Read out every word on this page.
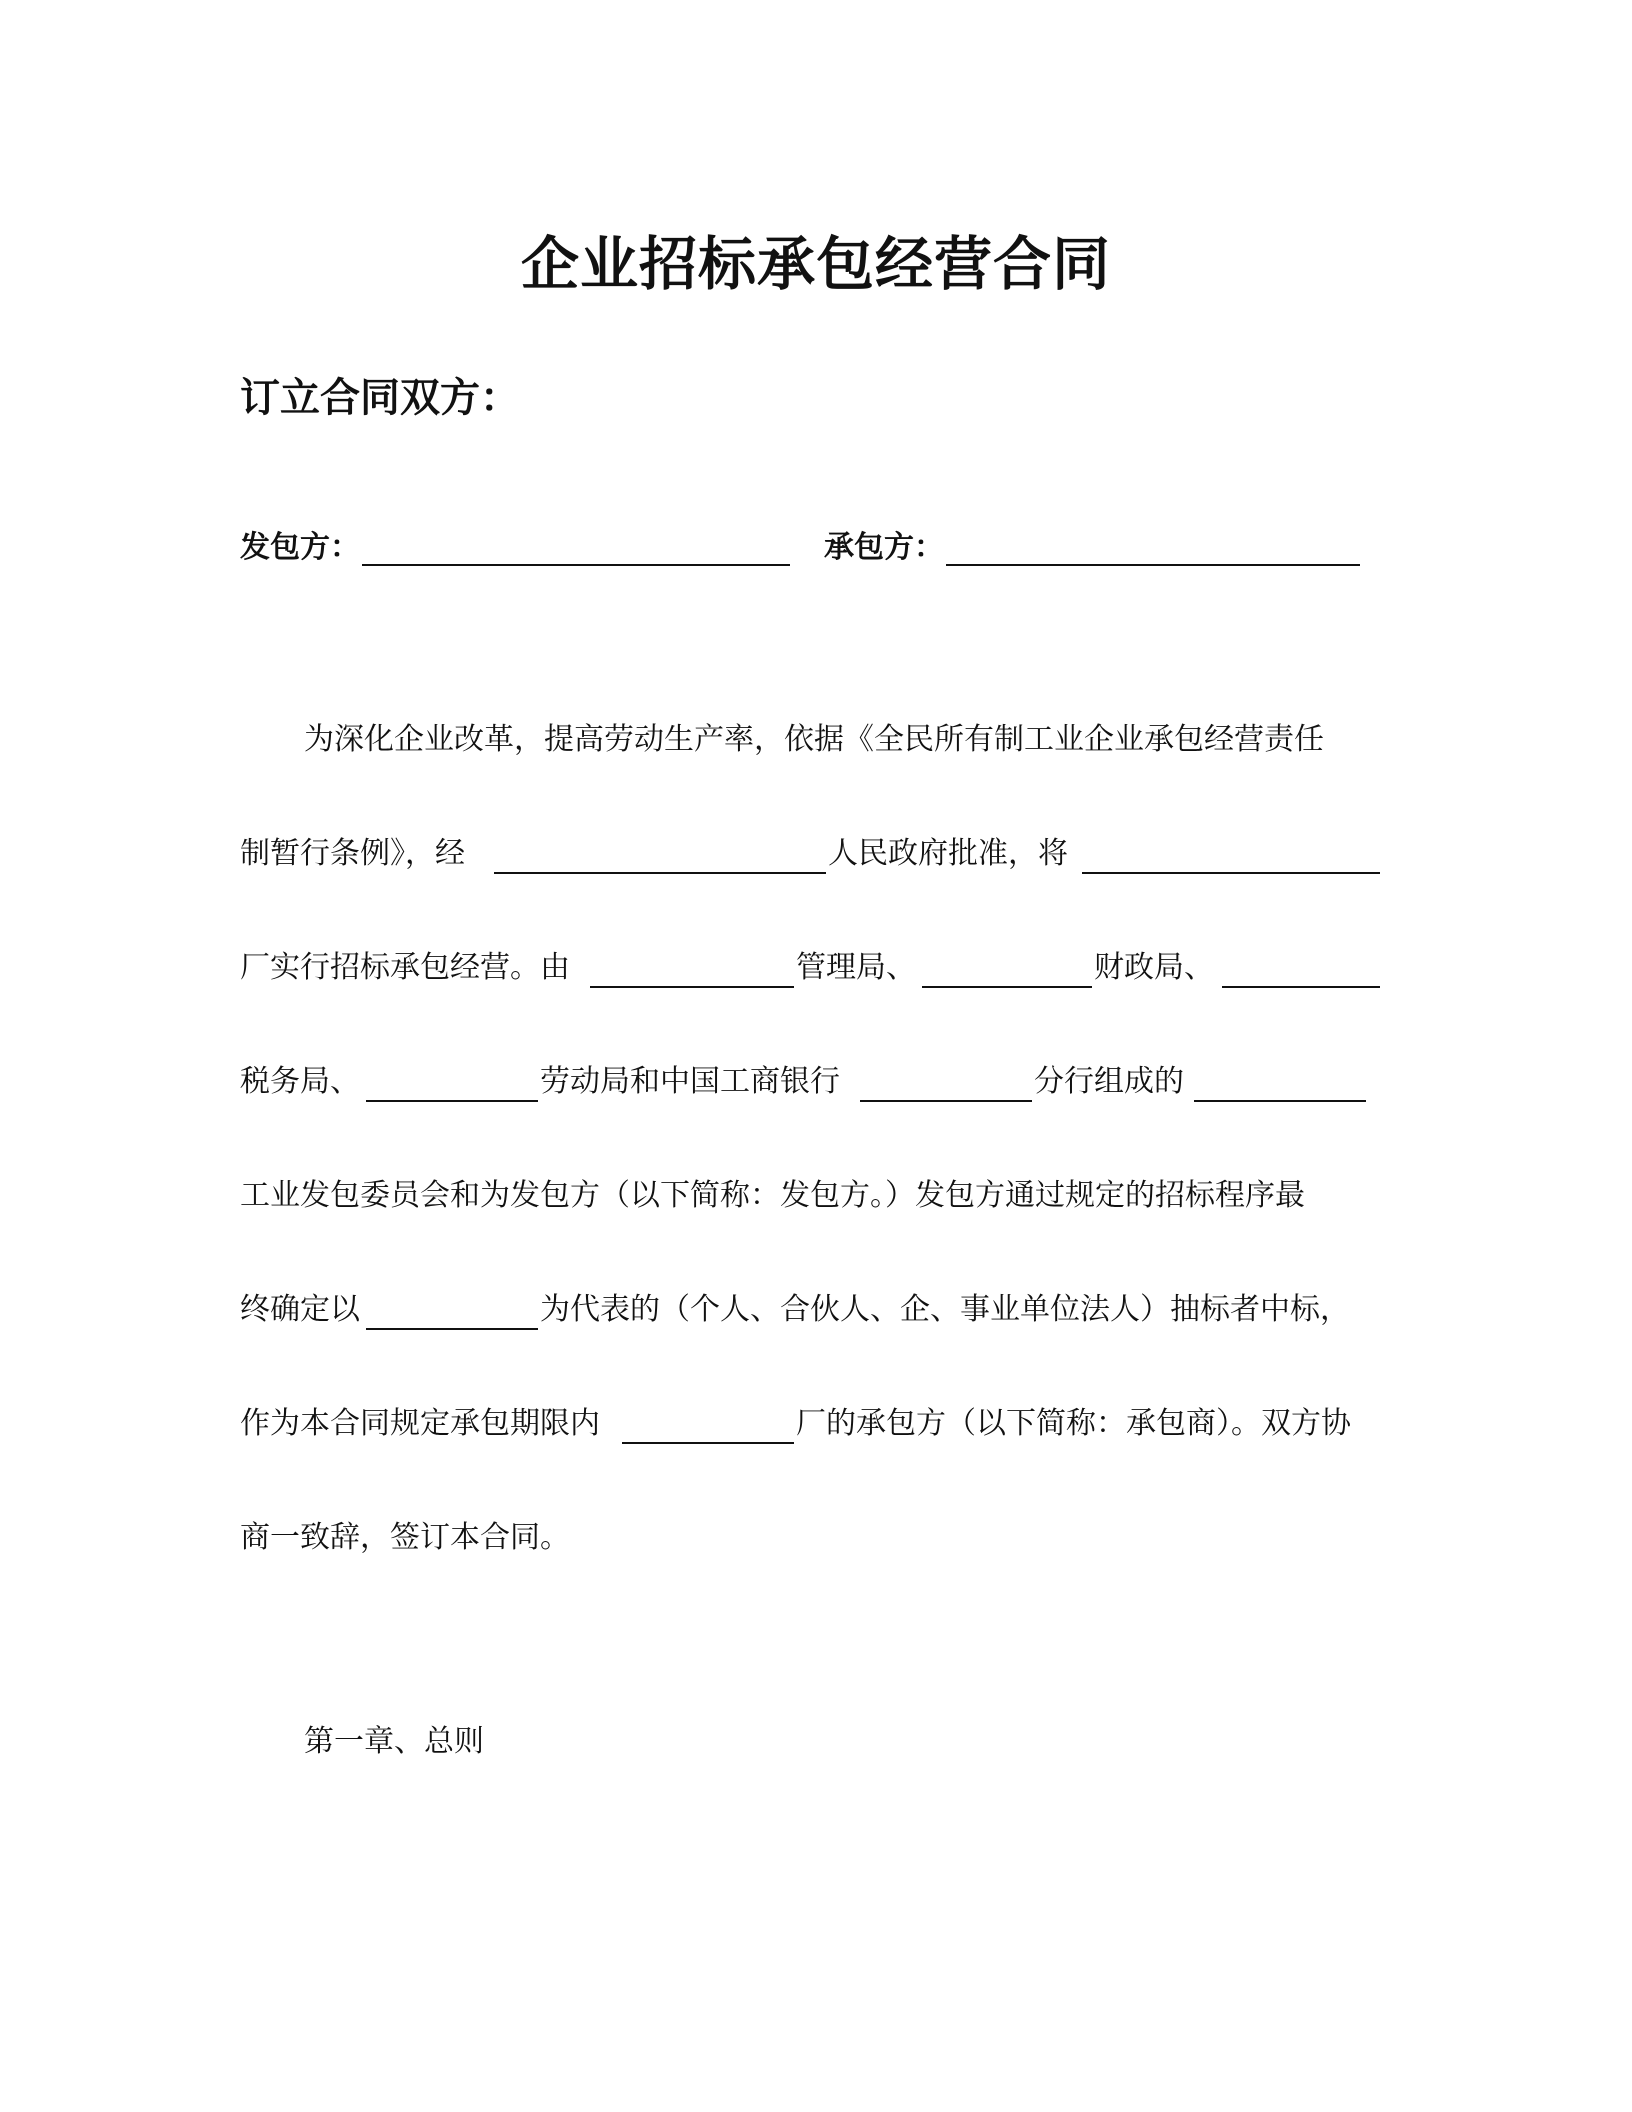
企业招标承包经营合同
订立合同双方：
发包方：	承包方：
为深化企业改革，提高劳动生产率，依据《全民所有制工业企业承包经营责任
制暂行条例》，经	人民政府批准，将
厂实行招标承包经营。由	管理局、	财政局、
税务局、	劳动局和中国工商银行	分行组成的
工业发包委员会和为发包方（以下简称：发包方。）发包方通过规定的招标程序最
终确定以	为代表的（个人、合伙人、企、事业单位法人）抽标者中标，
作为本合同规定承包期限内	厂的承包方（以下简称：承包商）。双方协
商一致辞，签订本合同。
第一章、总则
